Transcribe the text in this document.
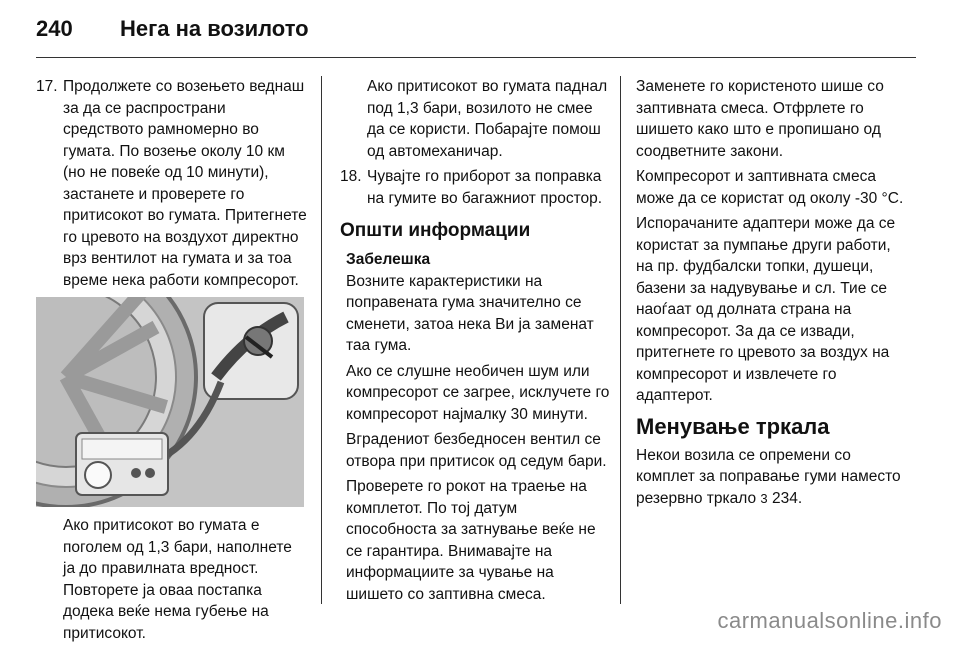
240 Нега на возилото
17. Продолжете со возењето веднаш за да се распространи средството рамномерно во гумата. По возење околу 10 км (но не повеќе од 10 минути), застанете и проверете го притисокот во гумата. Притегнете го цревото на воздухот директно врз вентилот на гумата и за тоа време нека работи компресорот.

Ако притисокот во гумата е поголем од 1,3 бари, наполнете ја до правилната вредност. Повторете ја оваа постапка додека веќе нема губење на притисокот.

Ако притисокот во гумата паднал под 1,3 бари, возилото не смее да се користи. Побарајте помош од автомеханичар.

18. Чувајте го приборот за поправка на гумите во багажниот простор.
Општи информации
Забелешка

Возните карактеристики на поправената гума значително се сменети, затоа нека Ви ја заменат таа гума.

Ако се слушне необичен шум или компресорот се загрее, исклучете го компресорот најмалку 30 минути.

Вградениот безбедносен вентил се отвора при притисок од седум бари.

Проверете го рокот на траење на комплетот. По тој датум способноста за затнување веќе не се гарантира. Внимавајте на информациите за чување на шишето со заптивна смеса.

Заменете го користеното шише со заптивната смеса. Отфрлете го шишето како што е пропишано од соодветните закони.

Компресорот и заптивната смеса може да се користат од околу -30 °C.

Испорачаните адаптери може да се користат за пумпање други работи, на пр. фудбалски топки, душеци, базени за надувување и сл. Тие се наоѓаат од долната страна на компресорот. За да се извади, притегнете го цревото за воздух на компресорот и извлечете го адаптерот.

Менување тркала

Некои возила се опремени со комплет за поправање гуми наместо резервно тркало 3 234.

carmanualsonline.info
